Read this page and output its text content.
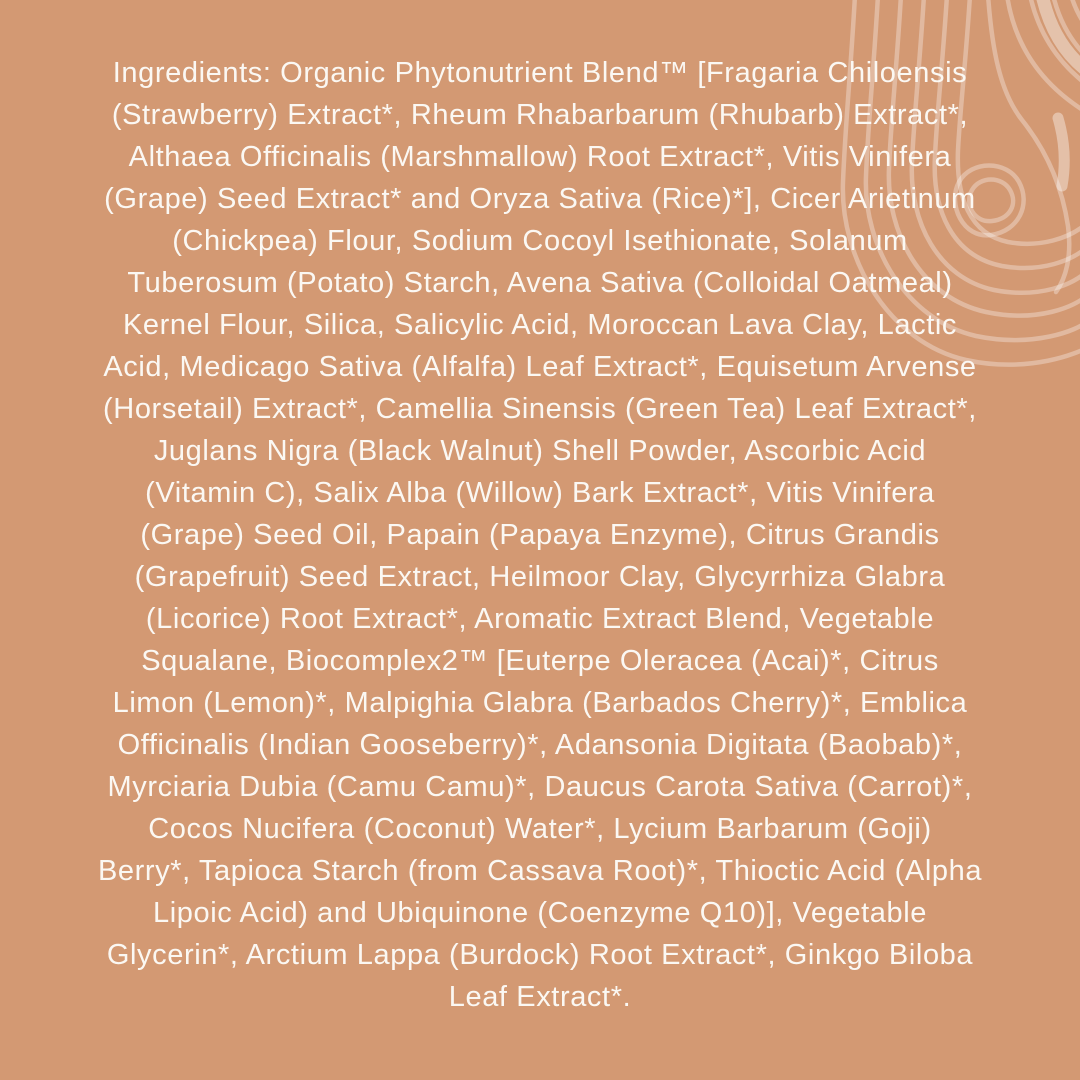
Ingredients: Organic Phytonutrient Blend™ [Fragaria Chiloensis
(Strawberry) Extract*, Rheum Rhabarbarum (Rhubarb) Extract*,
Althaea Officinalis (Marshmallow) Root Extract*, Vitis Vinifera
(Grape) Seed Extract* and Oryza Sativa (Rice)*], Cicer Arietinum
(Chickpea) Flour, Sodium Cocoyl Isethionate, Solanum
Tuberosum (Potato) Starch, Avena Sativa (Colloidal Oatmeal)
Kernel Flour, Silica, Salicylic Acid, Moroccan Lava Clay, Lactic
Acid, Medicago Sativa (Alfalfa) Leaf Extract*, Equisetum Arvense
(Horsetail) Extract*, Camellia Sinensis (Green Tea) Leaf Extract*,
Juglans Nigra (Black Walnut) Shell Powder, Ascorbic Acid
(Vitamin C), Salix Alba (Willow) Bark Extract*, Vitis Vinifera
(Grape) Seed Oil, Papain (Papaya Enzyme), Citrus Grandis
(Grapefruit) Seed Extract, Heilmoor Clay, Glycyrrhiza Glabra
(Licorice) Root Extract*, Aromatic Extract Blend, Vegetable
Squalane, Biocomplex2™ [Euterpe Oleracea (Acai)*, Citrus
Limon (Lemon)*, Malpighia Glabra (Barbados Cherry)*, Emblica
Officinalis (Indian Gooseberry)*, Adansonia Digitata (Baobab)*,
Myrciaria Dubia (Camu Camu)*, Daucus Carota Sativa (Carrot)*,
Cocos Nucifera (Coconut) Water*, Lycium Barbarum (Goji)
Berry*, Tapioca Starch (from Cassava Root)*, Thioctic Acid (Alpha
Lipoic Acid) and Ubiquinone (Coenzyme Q10)], Vegetable
Glycerin*, Arctium Lappa (Burdock) Root Extract*, Ginkgo Biloba
Leaf Extract*.
